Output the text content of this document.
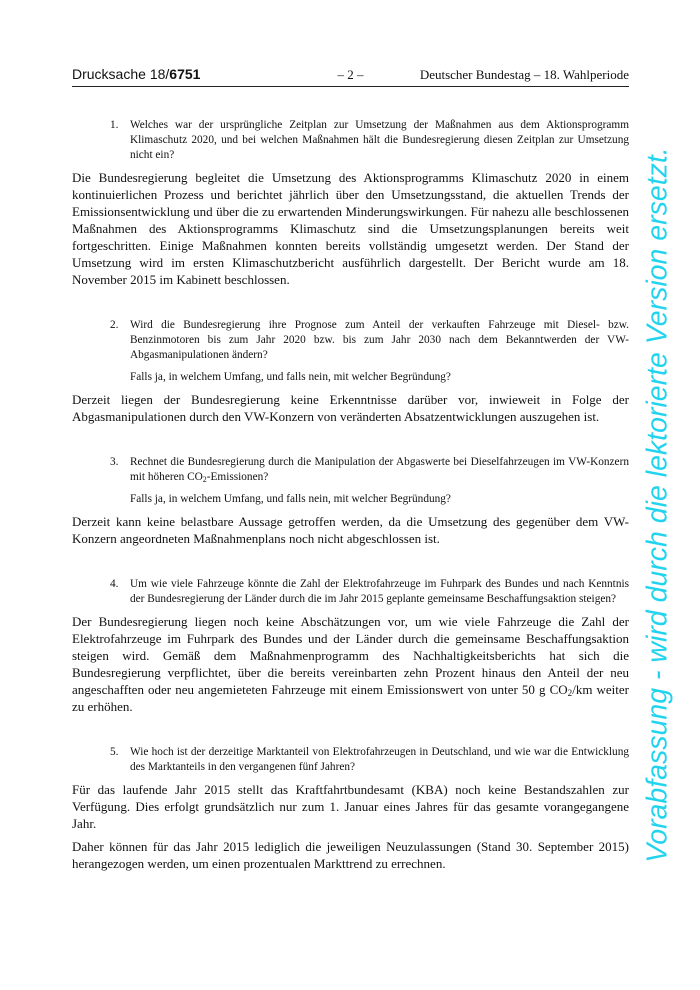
Drucksache 18/6751	– 2 –	Deutscher Bundestag – 18. Wahlperiode
1.	Welches war der ursprüngliche Zeitplan zur Umsetzung der Maßnahmen aus dem Aktionsprogramm Klimaschutz 2020, und bei welchen Maßnahmen hält die Bundesregierung diesen Zeitplan zur Umsetzung nicht ein?

Die Bundesregierung begleitet die Umsetzung des Aktionsprogramms Klimaschutz 2020 in einem kontinuierlichen Prozess und berichtet jährlich über den Umsetzungsstand, die aktuellen Trends der Emissionsentwicklung und über die zu erwartenden Minderungswirkungen. Für nahezu alle beschlossenen Maßnahmen des Aktionsprogramms Klimaschutz sind die Umsetzungsplanungen bereits weit fortgeschritten. Einige Maßnahmen konnten bereits vollständig umgesetzt werden. Der Stand der Umsetzung wird im ersten Klimaschutzbericht ausführlich dargestellt. Der Bericht wurde am 18. November 2015 im Kabinett beschlossen.

2.	Wird die Bundesregierung ihre Prognose zum Anteil der verkauften Fahrzeuge mit Diesel- bzw. Benzinmotoren bis zum Jahr 2020 bzw. bis zum Jahr 2030 nach dem Bekanntwerden der VW-Abgasmanipulationen ändern?
Falls ja, in welchem Umfang, und falls nein, mit welcher Begründung?

Derzeit liegen der Bundesregierung keine Erkenntnisse darüber vor, inwieweit in Folge der Abgasmanipulationen durch den VW-Konzern von veränderten Absatzentwicklungen auszugehen ist.

3.	Rechnet die Bundesregierung durch die Manipulation der Abgaswerte bei Dieselfahrzeugen im VW-Konzern mit höheren $CO_2$-Emissionen?
Falls ja, in welchem Umfang, und falls nein, mit welcher Begründung?

Derzeit kann keine belastbare Aussage getroffen werden, da die Umsetzung des gegenüber dem VW-Konzern angeordneten Maßnahmenplans noch nicht abgeschlossen ist.

4.	Um wie viele Fahrzeuge könnte die Zahl der Elektrofahrzeuge im Fuhrpark des Bundes und nach Kenntnis der Bundesregierung der Länder durch die im Jahr 2015 geplante gemeinsame Beschaffungsaktion steigen?

Der Bundesregierung liegen noch keine Abschätzungen vor, um wie viele Fahrzeuge die Zahl der Elektrofahrzeuge im Fuhrpark des Bundes und der Länder durch die gemeinsame Beschaffungsaktion steigen wird. Gemäß dem Maßnahmenprogramm des Nachhaltigkeitsberichts hat sich die Bundesregierung verpflichtet, über die bereits vereinbarten zehn Prozent hinaus den Anteil der neu angeschafften oder neu angemieteten Fahrzeuge mit einem Emissionswert von unter 50 g $CO_2/km$ weiter zu erhöhen.

5.	Wie hoch ist der derzeitige Marktanteil von Elektrofahrzeugen in Deutschland, und wie war die Entwicklung des Marktanteils in den vergangenen fünf Jahren?

Für das laufende Jahr 2015 stellt das Kraftfahrtbundesamt (KBA) noch keine Bestandszahlen zur Verfügung. Dies erfolgt grundsätzlich nur zum 1. Januar eines Jahres für das gesamte vorangegangene Jahr.

Daher können für das Jahr 2015 lediglich die jeweiligen Neuzulassungen (Stand 30. September 2015) herangezogen werden, um einen prozentualen Markttrend zu errechnen.

Vorabfassung - wird durch die lektorierte Version ersetzt.
